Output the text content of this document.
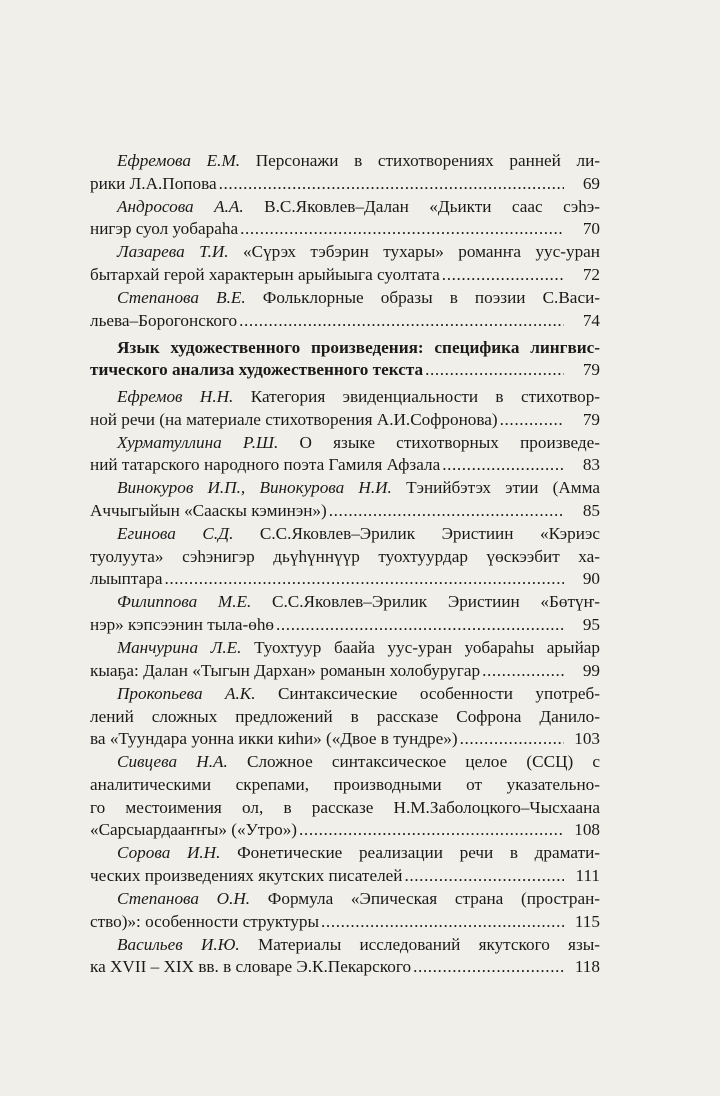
Ефремова Е.М. Персонажи в стихотворениях ранней ли-
рики Л.А.Попова .....	69
Андросова А.А. В.С.Яковлев–Далан «Дьикти саас сэһэ-
нигэр суол уобараһа .....	70
Лазарева Т.И. «Сүрэх тэбэрин тухары» романҥа уус-уран
бытархай герой характерын арыйыыга суолтата .....	72
Степанова В.Е. Фольклорные образы в поэзии С.Васи-
льева–Борогонского .....	74
Язык художественного произведения: специфика лингвис-
тического анализа художественного текста .....	79
Ефремов Н.Н. Категория эвиденциальности в стихотвор-
ной речи (на материале стихотворения А.И.Софронова) .....	79
Хурматуллина Р.Ш. О языке стихотворных произведе-
ний татарского народного поэта Гамиля Афзала .....	83
Винокуров И.П., Винокурова Н.И. Тэнийбэтэх этии (Амма
Аччыгыйын «Сааскы кэминэн») .....	85
Егинова С.Д. С.С.Яковлев–Эрилик Эристиин «Кэриэс
туолуута» сэһэнигэр дьүһүннүүр туохтуурдар үөскээбит ха-
лыыптара .....	90
Филиппова М.Е. С.С.Яковлев–Эрилик Эристиин «Бөтүҥ-
нэр» кэпсээнин тыла-өһө .....	95
Манчурина Л.Е. Туохтуур баайа уус-уран уобараһы арыйар
кыаҕа: Далан «Тыгын Дархан» романын холобуругар .....	99
Прокопьева А.К. Синтаксические особенности употреб-
лений сложных предложений в рассказе Софрона Данило-
ва «Туундара уонна икки киһи» («Двое в тундре») .....	103
Сивцева Н.А. Сложное синтаксическое целое (ССЦ) с
аналитическими скрепами, производными от указательно-
го местоимения ол, в рассказе Н.М.Заболоцкого–Чысхаана
«Сарсыардааҥҥы» («Утро») .....	108
Сорова И.Н. Фонетические реализации речи в драмати-
ческих произведениях якутских писателей .....	111
Степанова О.Н. Формула «Эпическая страна (простран-
ство)»: особенности структуры .....	115
Васильев И.Ю. Материалы исследований якутского язы-
ка XVII – XIX вв. в словаре Э.К.Пекарского .....	118
